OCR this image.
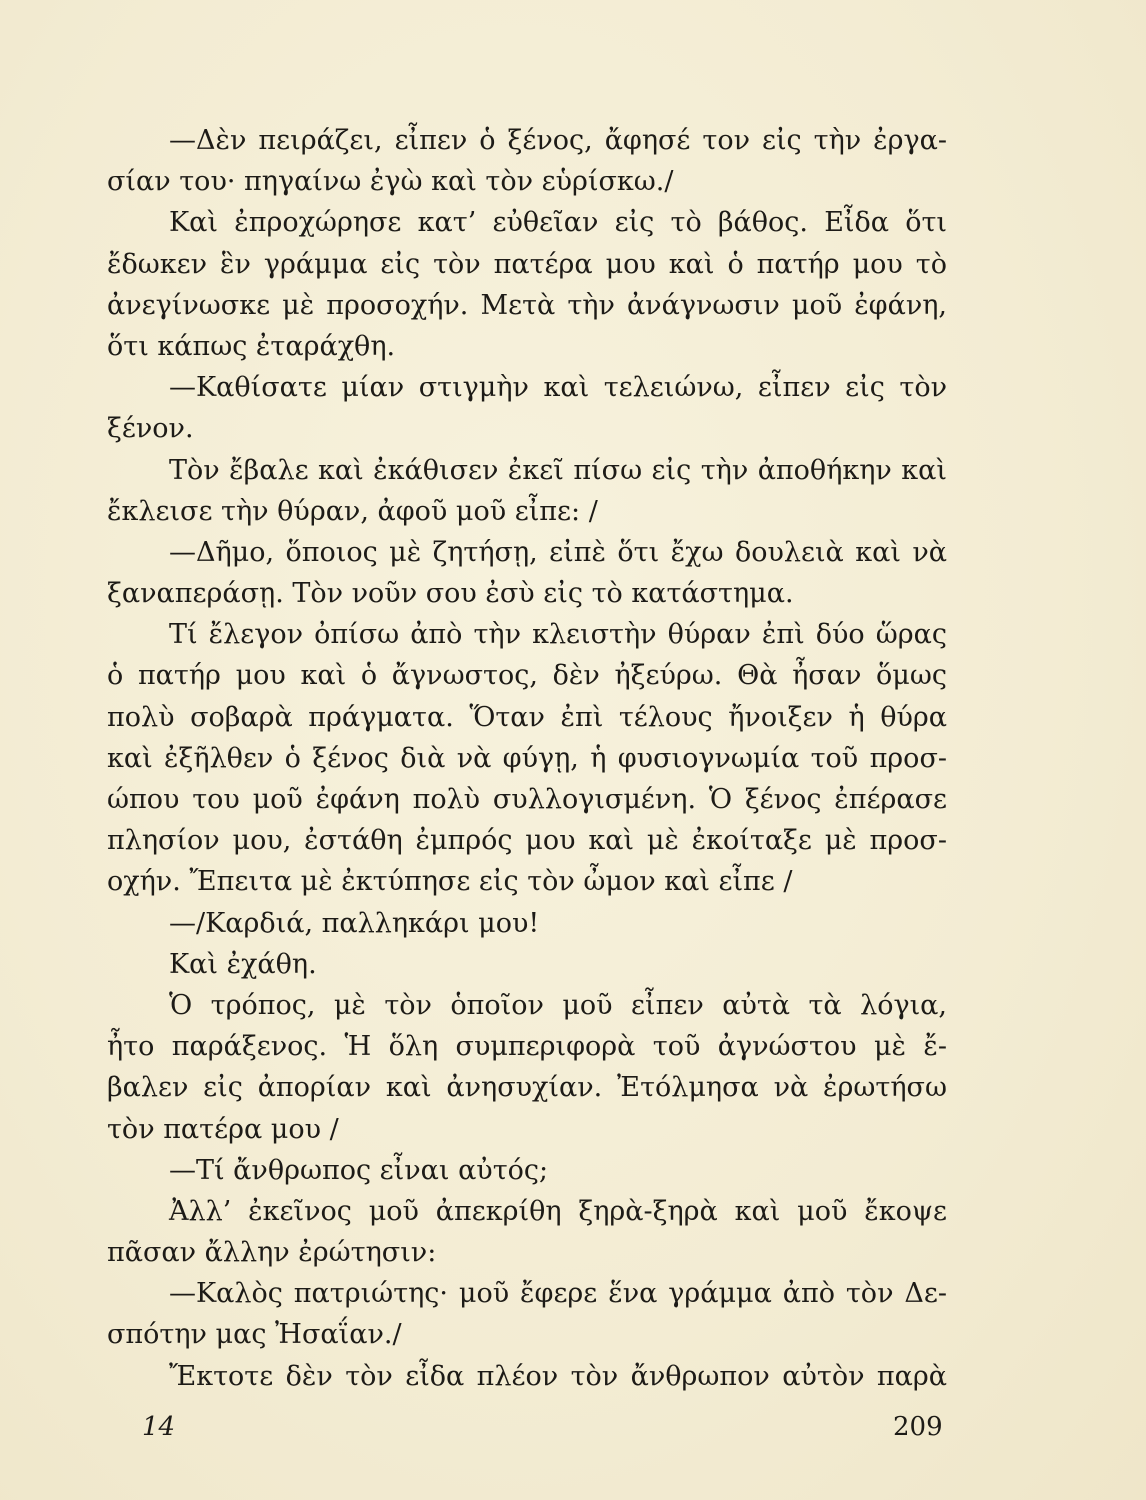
—Δὲν πειράζει, εἶπεν ὁ ξένος, ἄφησέ τον εἰς τὴν ἐργα-
σίαν του· πηγαίνω ἐγὼ καὶ τὸν εὑρίσκω./
Καὶ ἐπροχώρησε κατ’ εὐθεῖαν εἰς τὸ βάθος. Εἶδα ὅτι
ἔδωκεν ἓν γράμμα εἰς τὸν πατέρα μου καὶ ὁ πατήρ μου τὸ
ἀνεγίνωσκε μὲ προσοχήν. Μετὰ τὴν ἀνάγνωσιν μοῦ ἐφάνη,
ὅτι κάπως ἐταράχθη.
—Καθίσατε μίαν στιγμὴν καὶ τελειώνω, εἶπεν εἰς τὸν
ξένον.
Τὸν ἔβαλε καὶ ἐκάθισεν ἐκεῖ πίσω εἰς τὴν ἀποθήκην καὶ
ἔκλεισε τὴν θύραν, ἀφοῦ μοῦ εἶπε: /
—Δῆμο, ὅποιος μὲ ζητήσῃ, εἰπὲ ὅτι ἔχω δουλειὰ καὶ νὰ
ξαναπεράσῃ. Τὸν νοῦν σου ἐσὺ εἰς τὸ κατάστημα.
Τί ἔλεγον ὀπίσω ἀπὸ τὴν κλειστὴν θύραν ἐπὶ δύο ὥρας
ὁ πατήρ μου καὶ ὁ ἄγνωστος, δὲν ἠξεύρω. Θὰ ἦσαν ὅμως
πολὺ σοβαρὰ πράγματα. Ὅταν ἐπὶ τέλους ἤνοιξεν ἡ θύρα
καὶ ἐξῆλθεν ὁ ξένος διὰ νὰ φύγῃ, ἡ φυσιογνωμία τοῦ προσ-
ώπου του μοῦ ἐφάνη πολὺ συλλογισμένη. Ὁ ξένος ἐπέρασε
πλησίον μου, ἐστάθη ἐμπρός μου καὶ μὲ ἐκοίταξε μὲ προσ-
οχήν. Ἔπειτα μὲ ἐκτύπησε εἰς τὸν ὦμον καὶ εἶπε /
—/Καρδιά, παλληκάρι μου!
Καὶ ἐχάθη.
Ὁ τρόπος, μὲ τὸν ὁποῖον μοῦ εἶπεν αὐτὰ τὰ λόγια,
ἦτο παράξενος. Ἡ ὅλη συμπεριφορὰ τοῦ ἀγνώστου μὲ ἔ-
βαλεν εἰς ἀπορίαν καὶ ἀνησυχίαν. Ἐτόλμησα νὰ ἐρωτήσω
τὸν πατέρα μου /
—Τί ἄνθρωπος εἶναι αὐτός;
Ἀλλ’ ἐκεῖνος μοῦ ἀπεκρίθη ξηρὰ-ξηρὰ καὶ μοῦ ἔκοψε
πᾶσαν ἄλλην ἐρώτησιν:
—Καλὸς πατριώτης· μοῦ ἔφερε ἕνα γράμμα ἀπὸ τὸν Δε-
σπότην μας Ἠσαΐαν./
Ἔκτοτε δὲν τὸν εἶδα πλέον τὸν ἄνθρωπον αὐτὸν παρὰ
14	209
